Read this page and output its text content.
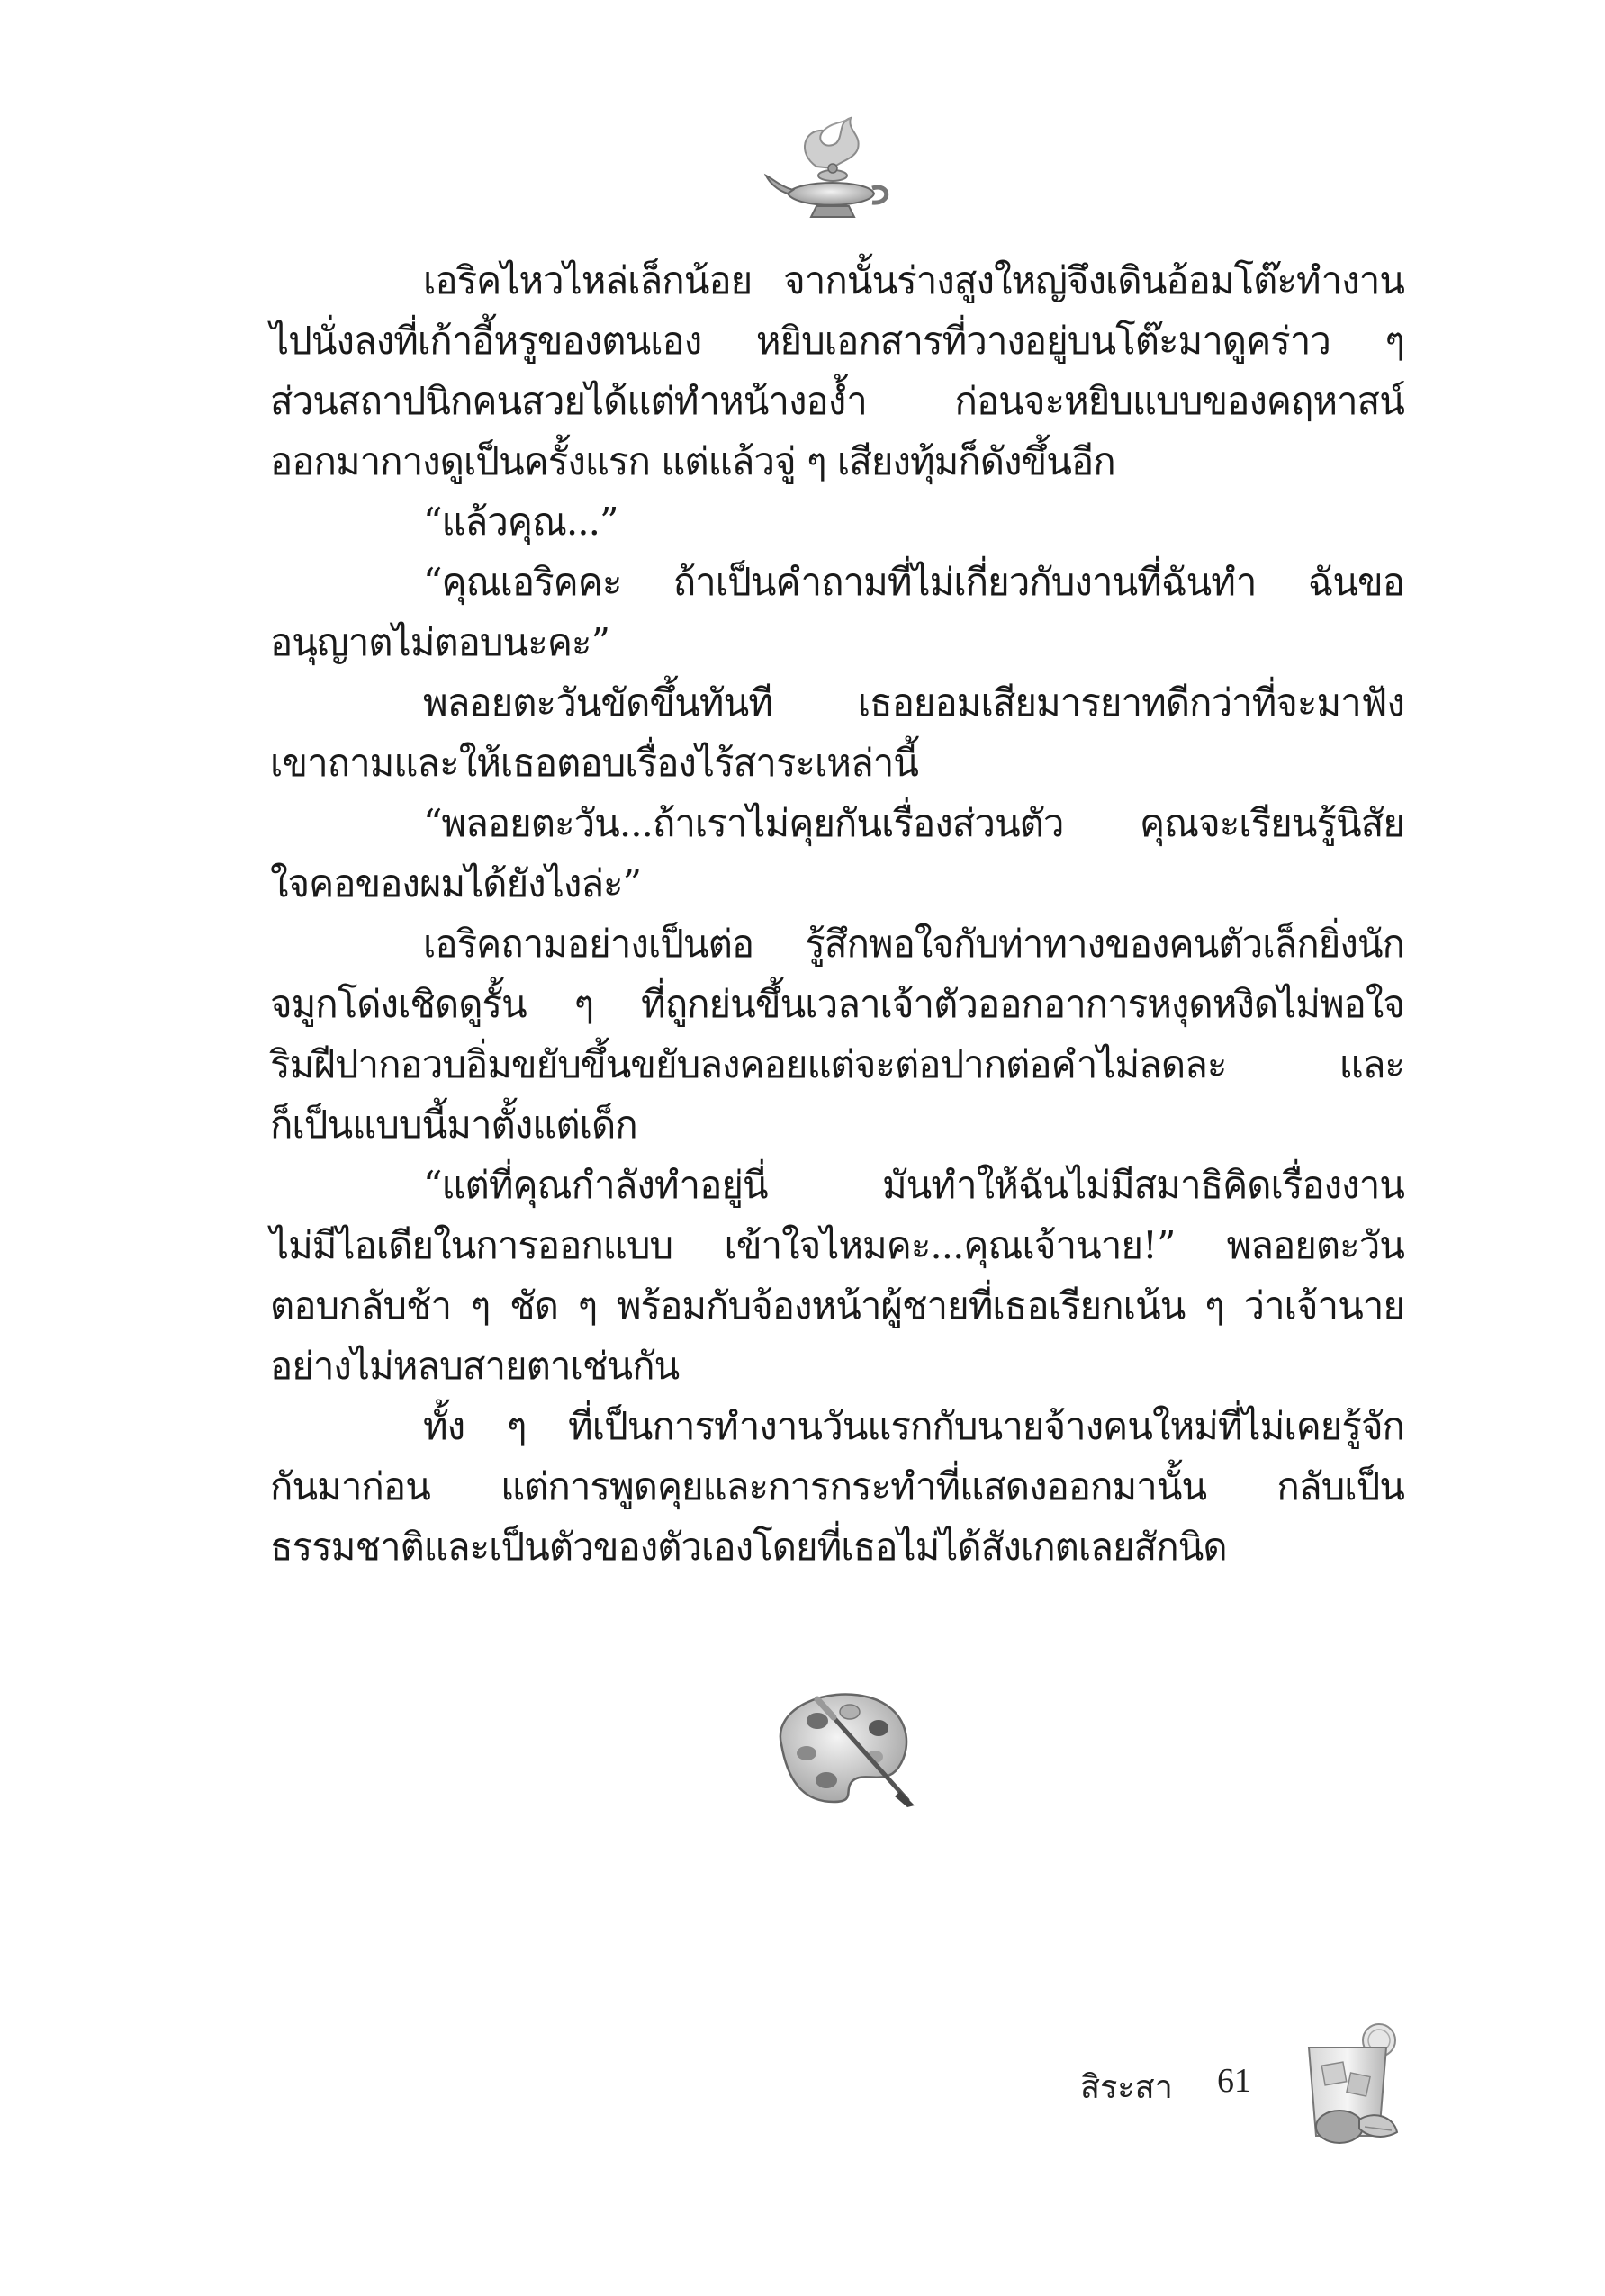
เอริคไหวไหล่เล็กน้อย จากนั้นร่างสูงใหญ่จึงเดินอ้อมโต๊ะทำงาน
ไปนั่งลงที่เก้าอี้หรูของตนเอง หยิบเอกสารที่วางอยู่บนโต๊ะมาดูคร่าว ๆ
ส่วนสถาปนิกคนสวยได้แต่ทำหน้างอง้ำ ก่อนจะหยิบแบบของคฤหาสน์
ออกมากางดูเป็นครั้งแรก แต่แล้วจู่ ๆ เสียงทุ้มก็ดังขึ้นอีก
“แล้วคุณ...”
“คุณเอริคคะ ถ้าเป็นคำถามที่ไม่เกี่ยวกับงานที่ฉันทำ ฉันขอ
อนุญาตไม่ตอบนะคะ”
พลอยตะวันขัดขึ้นทันที เธอยอมเสียมารยาทดีกว่าที่จะมาฟัง
เขาถามและให้เธอตอบเรื่องไร้สาระเหล่านี้
“พลอยตะวัน...ถ้าเราไม่คุยกันเรื่องส่วนตัว คุณจะเรียนรู้นิสัย
ใจคอของผมได้ยังไงล่ะ”
เอริคถามอย่างเป็นต่อ รู้สึกพอใจกับท่าทางของคนตัวเล็กยิ่งนัก
จมูกโด่งเชิดดูรั้น ๆ ที่ถูกย่นขึ้นเวลาเจ้าตัวออกอาการหงุดหงิดไม่พอใจ
ริมฝีปากอวบอิ่มขยับขึ้นขยับลงคอยแต่จะต่อปากต่อคำไม่ลดละ และ
ก็เป็นแบบนี้มาตั้งแต่เด็ก
“แต่ที่คุณกำลังทำอยู่นี่ มันทำให้ฉันไม่มีสมาธิคิดเรื่องงาน
ไม่มีไอเดียในการออกแบบ เข้าใจไหมคะ...คุณเจ้านาย!” พลอยตะวัน
ตอบกลับช้า ๆ ชัด ๆ พร้อมกับจ้องหน้าผู้ชายที่เธอเรียกเน้น ๆ ว่าเจ้านาย
อย่างไม่หลบสายตาเช่นกัน
ทั้ง ๆ ที่เป็นการทำงานวันแรกกับนายจ้างคนใหม่ที่ไม่เคยรู้จัก
กันมาก่อน แต่การพูดคุยและการกระทำที่แสดงออกมานั้น กลับเป็น
ธรรมชาติและเป็นตัวของตัวเองโดยที่เธอไม่ได้สังเกตเลยสักนิด
สิระสา 61
